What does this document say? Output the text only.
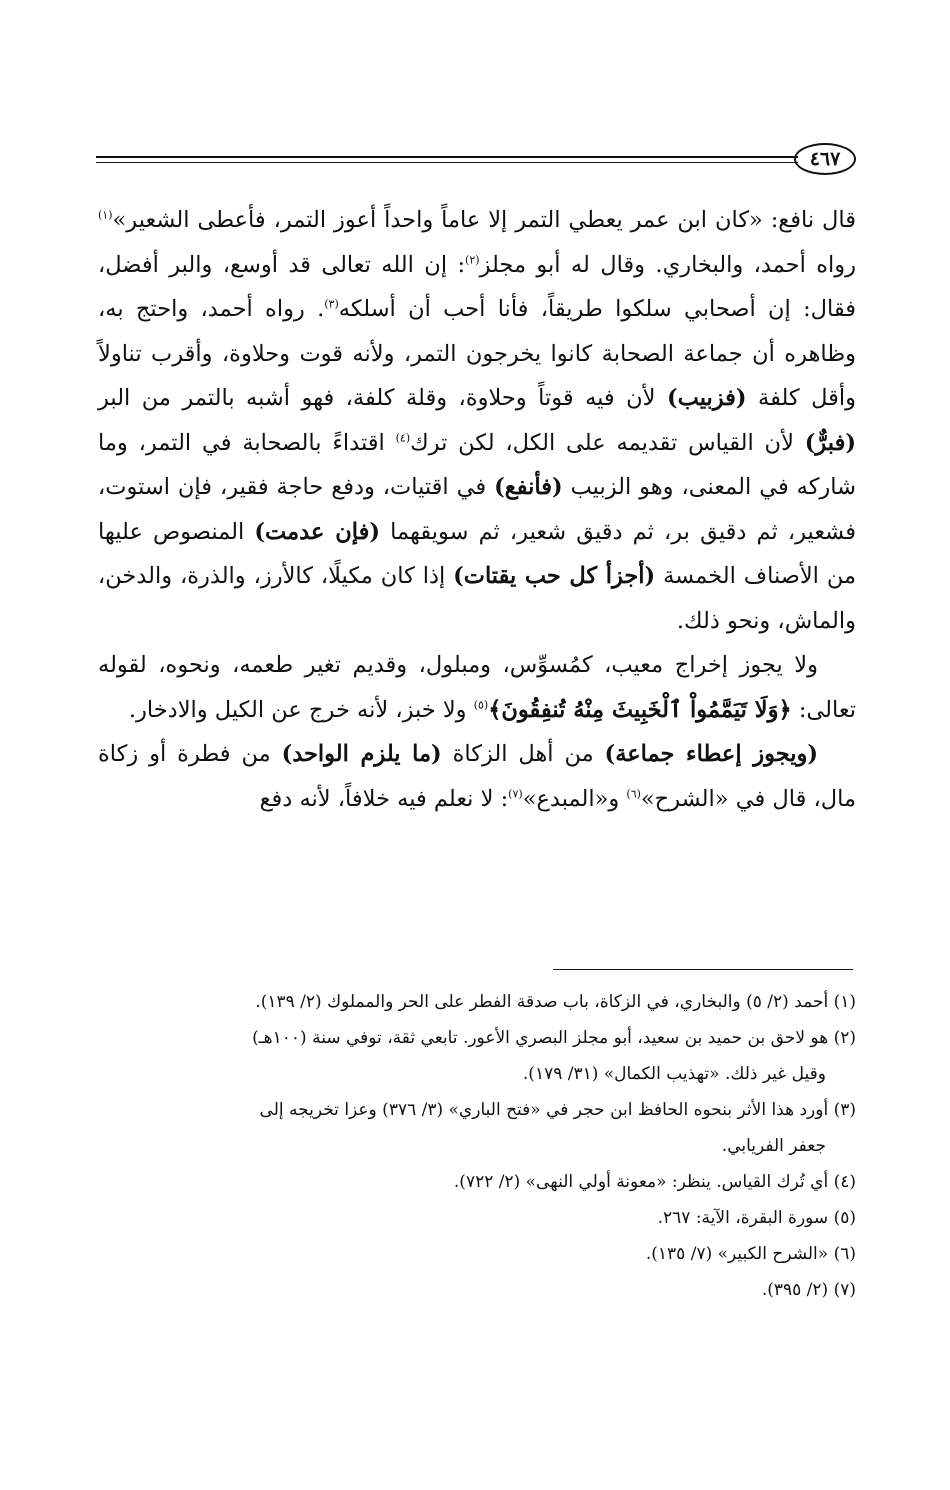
٤٦٧

قال نافع: «كان ابن عمر يعطي التمر إلا عاماً واحداً أعوز التمر، فأعطى الشعير»$^{(١)}$ رواه أحمد، والبخاري. وقال له أبو مجلز$^{(٢)}$: إن الله تعالى قد أوسع، والبر أفضل، فقال: إن أصحابي سلكوا طريقاً، فأنا أحب أن أسلكه$^{(٣)}$. رواه أحمد، واحتج به، وظاهره أن جماعة الصحابة كانوا يخرجون التمر، ولأنه قوت وحلاوة، وأقرب تناولاً وأقل كلفة (فزبيب) لأن فيه قوتاً وحلاوة، وقلة كلفة، فهو أشبه بالتمر من البر (فبرٌّ) لأن القياس تقديمه على الكل، لكن ترك$^{(٤)}$ اقتداءً بالصحابة في التمر، وما شاركه في المعنى، وهو الزبيب (فأنفع) في اقتيات، ودفع حاجة فقير، فإن استوت، فشعير، ثم دقيق بر، ثم دقيق شعير، ثم سويقهما (فإن عدمت) المنصوص عليها من الأصناف الخمسة (أجزأ كل حب يقتات) إذا كان مكيلًا، كالأرز، والذرة، والدخن، والماش، ونحو ذلك.

ولا يجوز إخراج معيب، كمُسوِّس، ومبلول، وقديم تغير طعمه، ونحوه، لقوله تعالى: ﴿وَلَا تَيَمَّمُواْ ٱلْخَبِيثَ مِنْهُ تُنفِقُونَ﴾$^{(٥)}$ ولا خبز، لأنه خرج عن الكيل والادخار.

(ويجوز إعطاء جماعة) من أهل الزكاة (ما يلزم الواحد) من فطرة أو زكاة مال، قال في «الشرح»$^{(٦)}$ و«المبدع»$^{(٧)}$: لا نعلم فيه خلافاً، لأنه دفع

(١) أحمد (٢/ ٥) والبخاري، في الزكاة، باب صدقة الفطر على الحر والمملوك (٢/ ١٣٩).

(٢) هو لاحق بن حميد بن سعيد، أبو مجلز البصري الأعور. تابعي ثقة، توفي سنة (١٠٠هـ)

وقيل غير ذلك. «تهذيب الكمال» (٣١/ ١٧٩).

(٣) أورد هذا الأثر بنحوه الحافظ ابن حجر في «فتح الباري» (٣/ ٣٧٦) وعزا تخريجه إلى

جعفر الفريابي.

(٤) أي تُرك القياس. ينظر: «معونة أولي النهى» (٢/ ٧٢٢).

(٥) سورة البقرة، الآية: ٢٦٧.

(٦) «الشرح الكبير» (٧/ ١٣٥).

(٧) (٢/ ٣٩٥).
